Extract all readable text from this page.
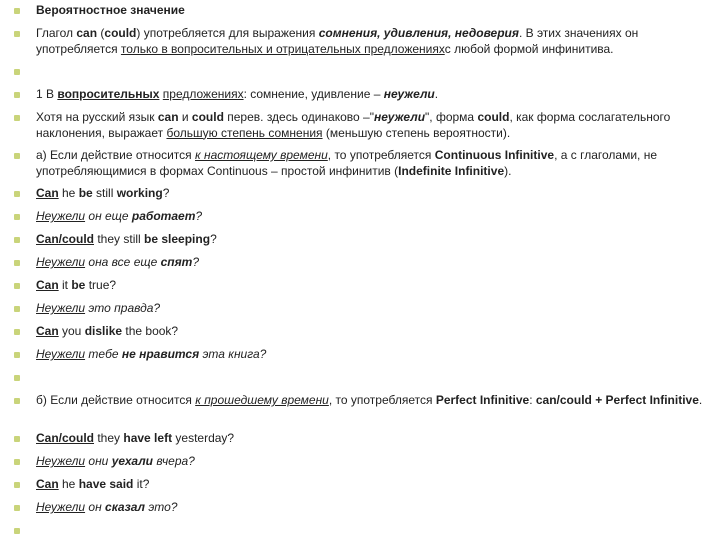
Вероятностное значение
Глагол can (could) употребляется для выражения сомнения, удивления, недоверия. В этих значениях он употребляется только в вопросительных и отрицательных предложенияхс любой формой инфинитива.
1 В вопросительных предложениях: сомнение, удивление – неужели.
Хотя на русский язык can и could перев. здесь одинаково –"неужели", форма could, как форма сослагательного наклонения, выражает большую степень сомнения (меньшую степень вероятности).
а) Если действие относится к настоящему времени, то употребляется Continuous Infinitive, а с глаголами, не употребляющимися в формах Continuous – простой инфинитив (Indefinite Infinitive).
Can he be still working?
Неужели он еще работает?
Can/could they still be sleeping?
Неужели она все еще спят?
Can it be true?
Неужели это правда?
Can you dislike the book?
Неужели тебе не нравится эта книга?
б) Если действие относится к прошедшему времени, то употребляется Perfect Infinitive: can/could + Perfect Infinitive.
Can/could they have left yesterday?
Неужели они уехали вчера?
Can he have said it?
Неужели он сказал это?
